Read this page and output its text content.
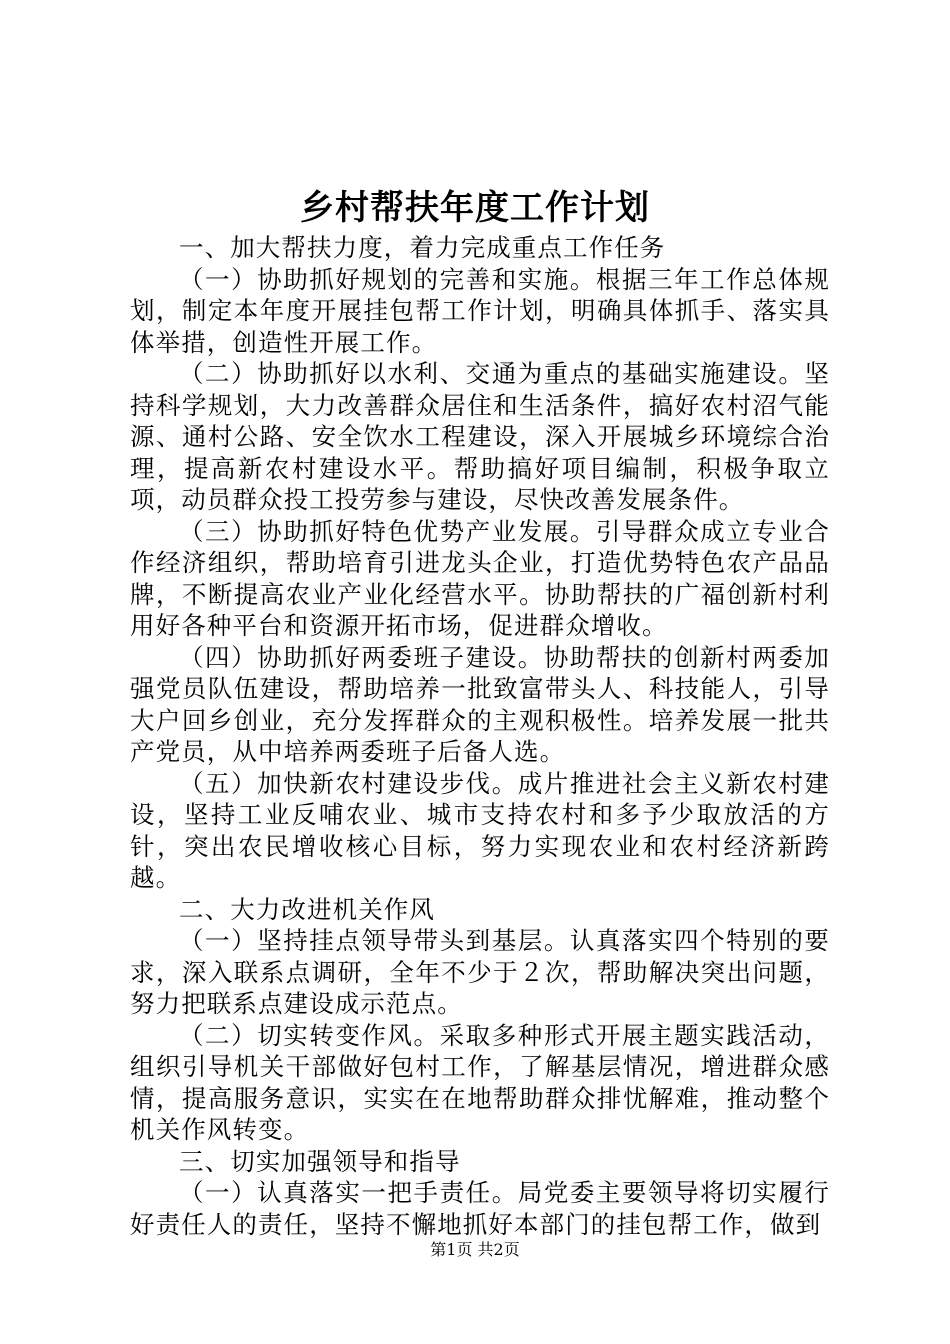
乡村帮扶年度工作计划

一、加大帮扶力度，着力完成重点工作任务

（一）协助抓好规划的完善和实施。根据三年工作总体规划，制定本年度开展挂包帮工作计划，明确具体抓手、落实具体举措，创造性开展工作。

（二）协助抓好以水利、交通为重点的基础实施建设。坚持科学规划，大力改善群众居住和生活条件，搞好农村沼气能源、通村公路、安全饮水工程建设，深入开展城乡环境综合治理，提高新农村建设水平。帮助搞好项目编制，积极争取立项，动员群众投工投劳参与建设，尽快改善发展条件。

（三）协助抓好特色优势产业发展。引导群众成立专业合作经济组织，帮助培育引进龙头企业，打造优势特色农产品品牌，不断提高农业产业化经营水平。协助帮扶的广福创新村利用好各种平台和资源开拓市场，促进群众增收。

（四）协助抓好两委班子建设。协助帮扶的创新村两委加强党员队伍建设，帮助培养一批致富带头人、科技能人，引导大户回乡创业，充分发挥群众的主观积极性。培养发展一批共产党员，从中培养两委班子后备人选。

（五）加快新农村建设步伐。成片推进社会主义新农村建设，坚持工业反哺农业、城市支持农村和多予少取放活的方针，突出农民增收核心目标，努力实现农业和农村经济新跨越。

二、大力改进机关作风

（一）坚持挂点领导带头到基层。认真落实四个特别的要求，深入联系点调研，全年不少于２次，帮助解决突出问题，努力把联系点建设成示范点。

（二）切实转变作风。采取多种形式开展主题实践活动，组织引导机关干部做好包村工作，了解基层情况，增进群众感情，提高服务意识，实实在在地帮助群众排忧解难，推动整个机关作风转变。

三、切实加强领导和指导

（一）认真落实一把手责任。局党委主要领导将切实履行好责任人的责任，坚持不懈地抓好本部门的挂包帮工作，做到

第1页 共2页
